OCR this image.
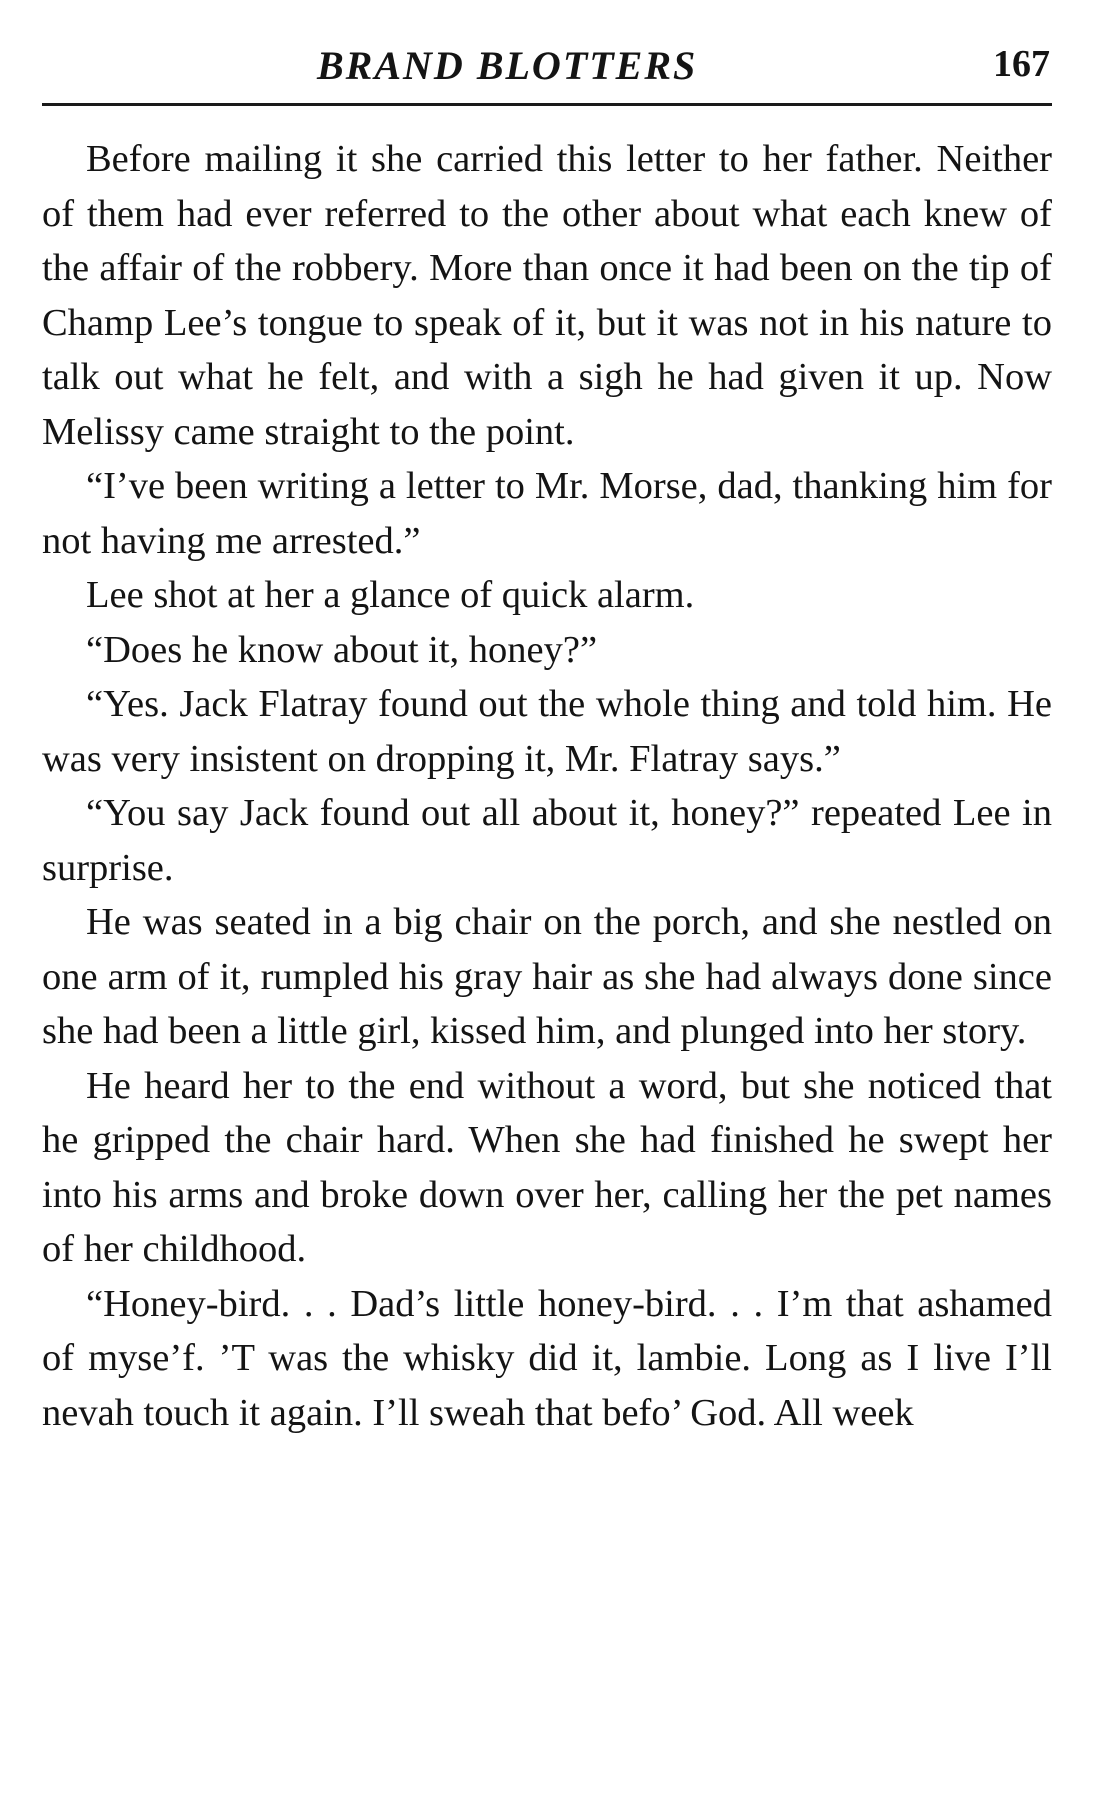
BRAND BLOTTERS	167

Before mailing it she carried this letter to her father. Neither of them had ever referred to the other about what each knew of the affair of the robbery. More than once it had been on the tip of Champ Lee’s tongue to speak of it, but it was not in his nature to talk out what he felt, and with a sigh he had given it up. Now Melissy came straight to the point.

“I’ve been writing a letter to Mr. Morse, dad, thanking him for not having me arrested.”

Lee shot at her a glance of quick alarm.

“Does he know about it, honey?”

“Yes. Jack Flatray found out the whole thing and told him. He was very insistent on dropping it, Mr. Flatray says.”

“You say Jack found out all about it, honey?” repeated Lee in surprise.

He was seated in a big chair on the porch, and she nestled on one arm of it, rumpled his gray hair as she had always done since she had been a little girl, kissed him, and plunged into her story.

He heard her to the end without a word, but she noticed that he gripped the chair hard. When she had finished he swept her into his arms and broke down over her, calling her the pet names of her childhood.

“Honey-bird. . . Dad’s little honey-bird. . . I’m that ashamed of myse’f. ’T was the whisky did it, lambie. Long as I live I’ll nevah touch it again. I’ll sweah that befo’ God. All week
